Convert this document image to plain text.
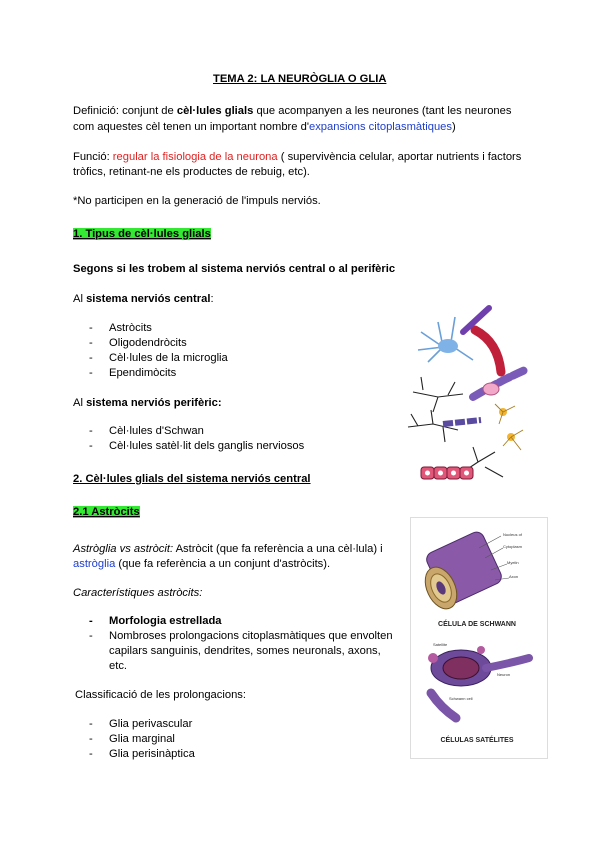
TEMA 2: LA NEURÒGLIA O GLIA
Definició: conjunt de cèl·lules glials que acompanyen a les neurones (tant les neurones
com aquestes cèl tenen un important nombre d'expansions citoplasmàtiques)
Funció: regular la fisiologia de la neurona ( supervivència celular, aportar nutrients i factors
tròfics, retinant-ne els productes de rebuig, etc).
*No participen en la generació de l'impuls nerviós.
1. Tipus de cèl·lules glials
Segons si les trobem al sistema nerviós central o al perifèric
Al sistema nerviós central:
- Astròcits
- Oligodendròcits
- Cèl·lules de la microglia
- Ependimòcits
Al sistema nerviós perifèric:
- Cèl·lules d'Schwan
- Cèl·lules satèl·lit dels ganglis nerviosos
2. Cèl·lules glials del sistema nerviós central
2.1 Astròcits
Astròglia vs astròcit: Astròcit (que fa referència a una cèl·lula) i
astròglia (que fa referència a un conjunt d'astròcits).
Característiques astròcits:
- Morfologia estrellada
- Nombroses prolongacions citoplasmàtiques que envolten
capilars sanguinis, dendrites, somes neuronals, axons,
etc.
Classificació de les prolongacions:
- Glia perivascular
- Glia marginal
- Glia perisinàptica
Nucleus of
Cytoplasm
Myelin
Axon
CÉLULA DE SCHWANN
Satellite
Neuron
Schwann cell
CÉLULAS SATÉLITES
